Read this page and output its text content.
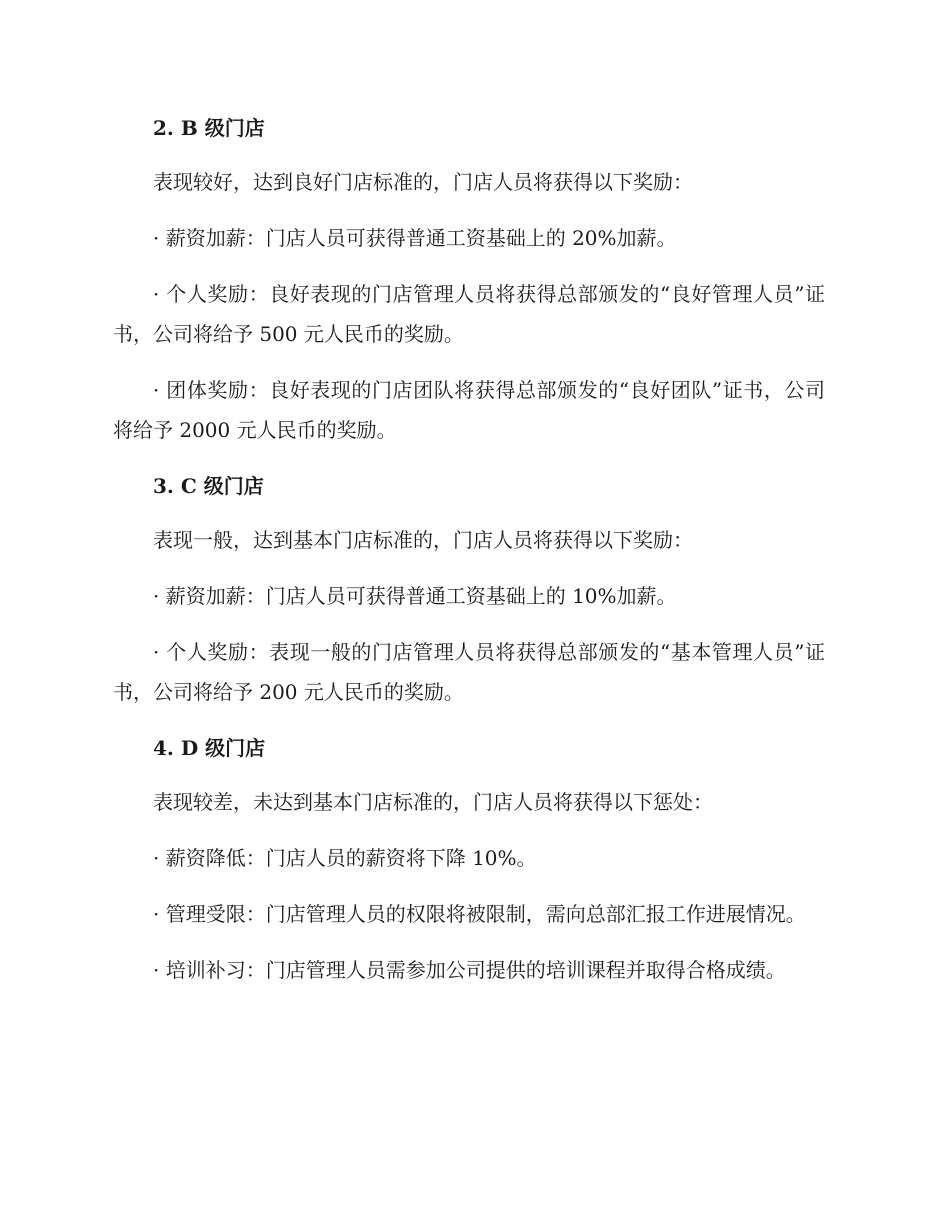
2. B 级门店

表现较好，达到良好门店标准的，门店人员将获得以下奖励：

· 薪资加薪：门店人员可获得普通工资基础上的 20%加薪。

· 个人奖励：良好表现的门店管理人员将获得总部颁发的“良好管理人员”证书，公司将给予 500 元人民币的奖励。

· 团体奖励：良好表现的门店团队将获得总部颁发的“良好团队”证书，公司将给予 2000 元人民币的奖励。

3. C 级门店

表现一般，达到基本门店标准的，门店人员将获得以下奖励：

· 薪资加薪：门店人员可获得普通工资基础上的 10%加薪。

· 个人奖励：表现一般的门店管理人员将获得总部颁发的“基本管理人员”证书，公司将给予 200 元人民币的奖励。

4. D 级门店

表现较差，未达到基本门店标准的，门店人员将获得以下惩处：

· 薪资降低：门店人员的薪资将下降 10%。

· 管理受限：门店管理人员的权限将被限制，需向总部汇报工作进展情况。

· 培训补习：门店管理人员需参加公司提供的培训课程并取得合格成绩。
